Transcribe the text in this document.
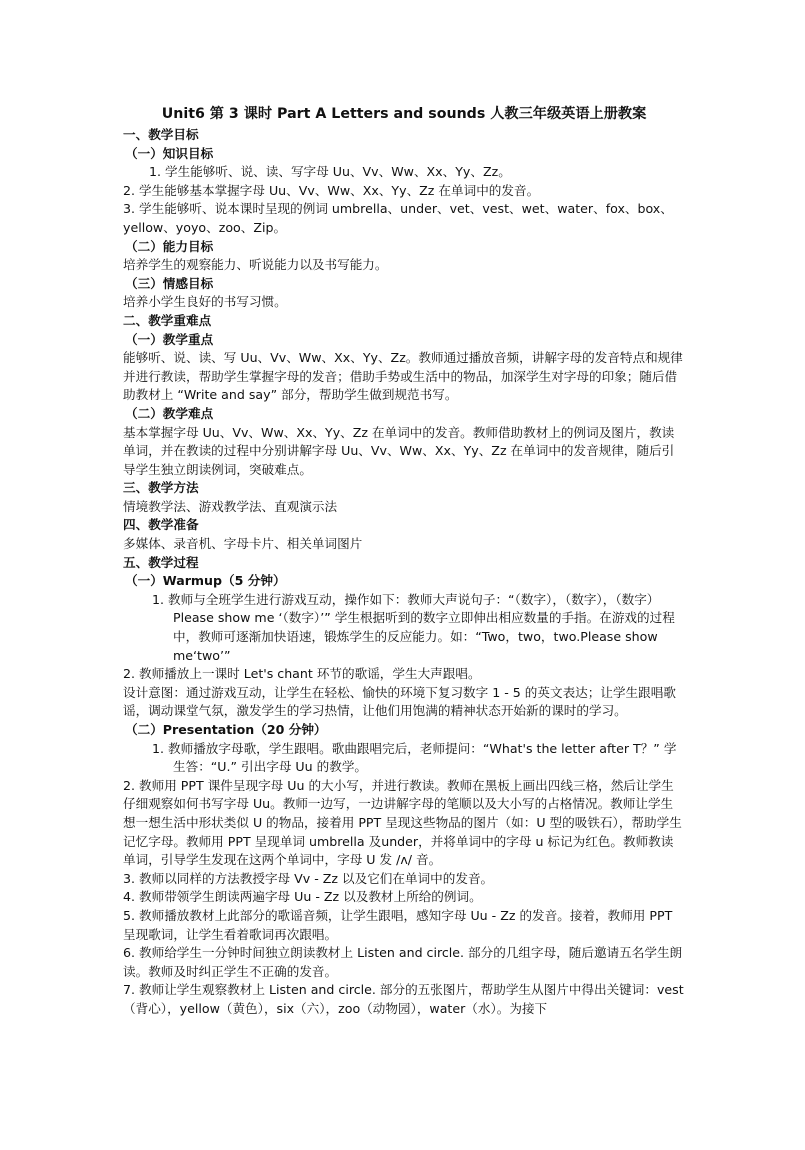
Unit6 第 3 课时 Part A Letters and sounds 人教三年级英语上册教案

一、教学目标

（一）知识目标

1. 学生能够听、说、读、写字母 Uu、Vv、Ww、Xx、Yy、Zz。

2. 学生能够基本掌握字母 Uu、Vv、Ww、Xx、Yy、Zz 在单词中的发音。

3. 学生能够听、说本课时呈现的例词 umbrella、under、vet、vest、wet、water、fox、box、yellow、yoyo、zoo、Zip。

（二）能力目标

培养学生的观察能力、听说能力以及书写能力。

（三）情感目标

培养小学生良好的书写习惯。

二、教学重难点

（一）教学重点

能够听、说、读、写 Uu、Vv、Ww、Xx、Yy、Zz。教师通过播放音频，讲解字母的发音特点和规律并进行教读，帮助学生掌握字母的发音；借助手势或生活中的物品，加深学生对字母的印象；随后借助教材上 “Write and say” 部分，帮助学生做到规范书写。

（二）教学难点

基本掌握字母 Uu、Vv、Ww、Xx、Yy、Zz 在单词中的发音。教师借助教材上的例词及图片，教读单词，并在教读的过程中分别讲解字母 Uu、Vv、Ww、Xx、Yy、Zz 在单词中的发音规律，随后引导学生独立朗读例词，突破难点。

三、教学方法

情境教学法、游戏教学法、直观演示法

四、教学准备

多媒体、录音机、字母卡片、相关单词图片

五、教学过程

（一）Warmup（5 分钟）

1. 教师与全班学生进行游戏互动，操作如下：教师大声说句子：“（数字），（数字），（数字）Please show me ‘（数字）’” 学生根据听到的数字立即伸出相应数量的手指。在游戏的过程中，教师可逐渐加快语速，锻炼学生的反应能力。如：“Two，two，two.Please show me‘two’”

2. 教师播放上一课时 Let's chant 环节的歌谣，学生大声跟唱。

设计意图：通过游戏互动，让学生在轻松、愉快的环境下复习数字 1 - 5 的英文表达；让学生跟唱歌谣，调动课堂气氛，激发学生的学习热情，让他们用饱满的精神状态开始新的课时的学习。

（二）Presentation（20 分钟）

1. 教师播放字母歌，学生跟唱。歌曲跟唱完后，老师提问：“What's the letter after T？” 学生答：“U.” 引出字母 Uu 的教学。

2. 教师用 PPT 课件呈现字母 Uu 的大小写，并进行教读。教师在黑板上画出四线三格，然后让学生仔细观察如何书写字母 Uu。教师一边写，一边讲解字母的笔顺以及大小写的占格情况。教师让学生想一想生活中形状类似 U 的物品，接着用 PPT 呈现这些物品的图片（如：U 型的吸铁石），帮助学生记忆字母。教师用 PPT 呈现单词 umbrella 及under，并将单词中的字母 u 标记为红色。教师教读单词，引导学生发现在这两个单词中，字母 U 发 /ʌ/ 音。

3. 教师以同样的方法教授字母 Vv - Zz 以及它们在单词中的发音。

4. 教师带领学生朗读两遍字母 Uu - Zz 以及教材上所给的例词。

5. 教师播放教材上此部分的歌谣音频，让学生跟唱，感知字母 Uu - Zz 的发音。接着，教师用 PPT 呈现歌词，让学生看着歌词再次跟唱。

6. 教师给学生一分钟时间独立朗读教材上 Listen and circle. 部分的几组字母，随后邀请五名学生朗读。教师及时纠正学生不正确的发音。

7. 教师让学生观察教材上 Listen and circle. 部分的五张图片，帮助学生从图片中得出关键词：vest（背心），yellow（黄色），six（六），zoo（动物园），water（水）。为接下
